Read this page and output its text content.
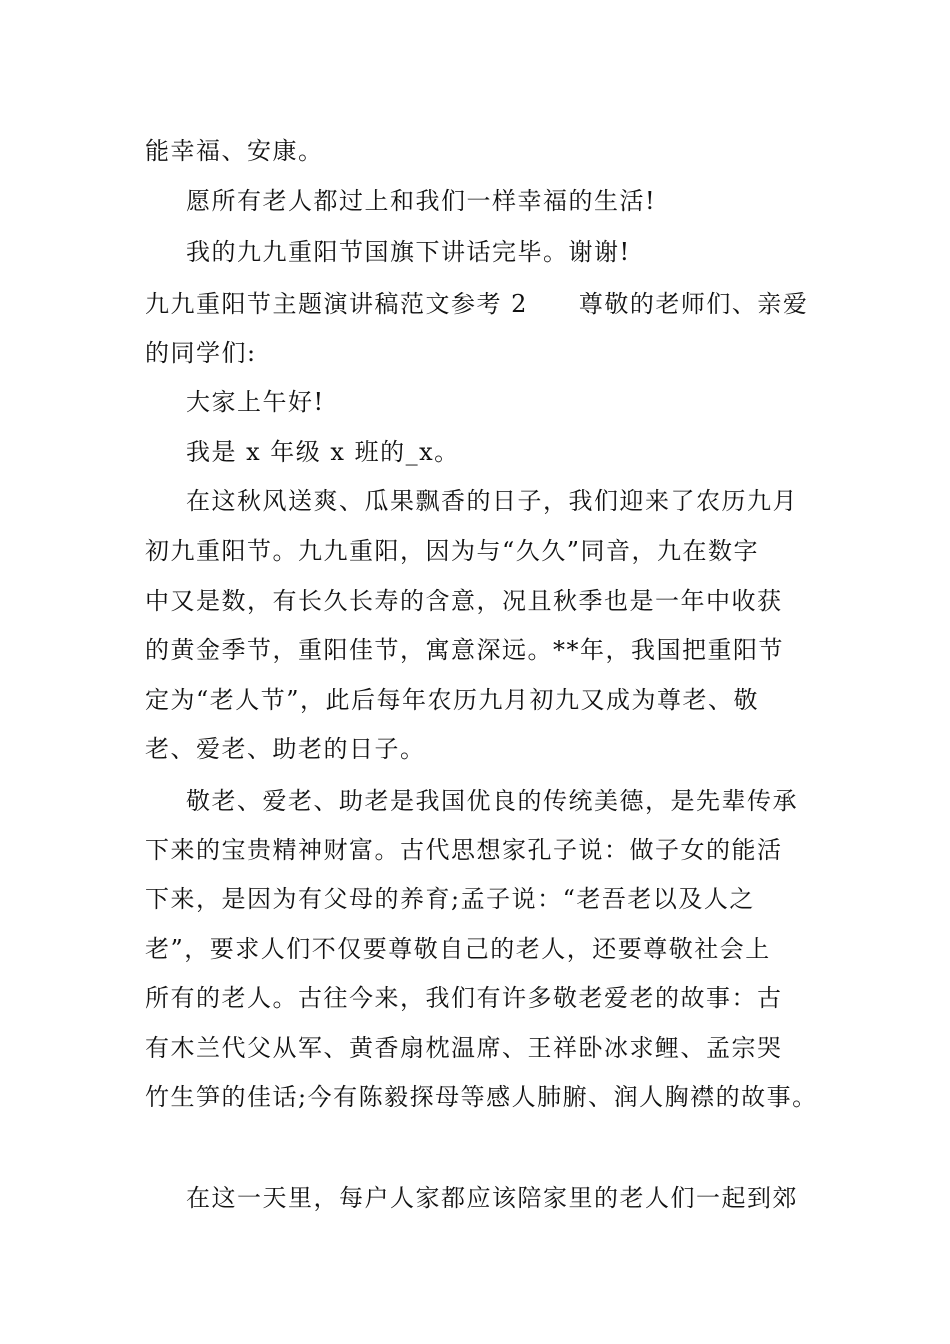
能幸福、安康。
愿所有老人都过上和我们一样幸福的生活!
我的九九重阳节国旗下讲话完毕。谢谢!
九九重阳节主题演讲稿范文参考 2　　尊敬的老师们、亲爱
的同学们:
大家上午好!
我是 x 年级 x 班的_x。
在这秋风送爽、瓜果飘香的日子，我们迎来了农历九月
初九重阳节。九九重阳，因为与“久久”同音，九在数字
中又是数，有长久长寿的含意，况且秋季也是一年中收获
的黄金季节，重阳佳节，寓意深远。**年，我国把重阳节
定为“老人节”，此后每年农历九月初九又成为尊老、敬
老、爱老、助老的日子。
敬老、爱老、助老是我国优良的传统美德，是先辈传承
下来的宝贵精神财富。古代思想家孔子说：做子女的能活
下来，是因为有父母的养育;孟子说：“老吾老以及人之
老”，要求人们不仅要尊敬自己的老人，还要尊敬社会上
所有的老人。古往今来，我们有许多敬老爱老的故事：古
有木兰代父从军、黄香扇枕温席、王祥卧冰求鲤、孟宗哭
竹生笋的佳话;今有陈毅探母等感人肺腑、润人胸襟的故事。
在这一天里，每户人家都应该陪家里的老人们一起到郊
